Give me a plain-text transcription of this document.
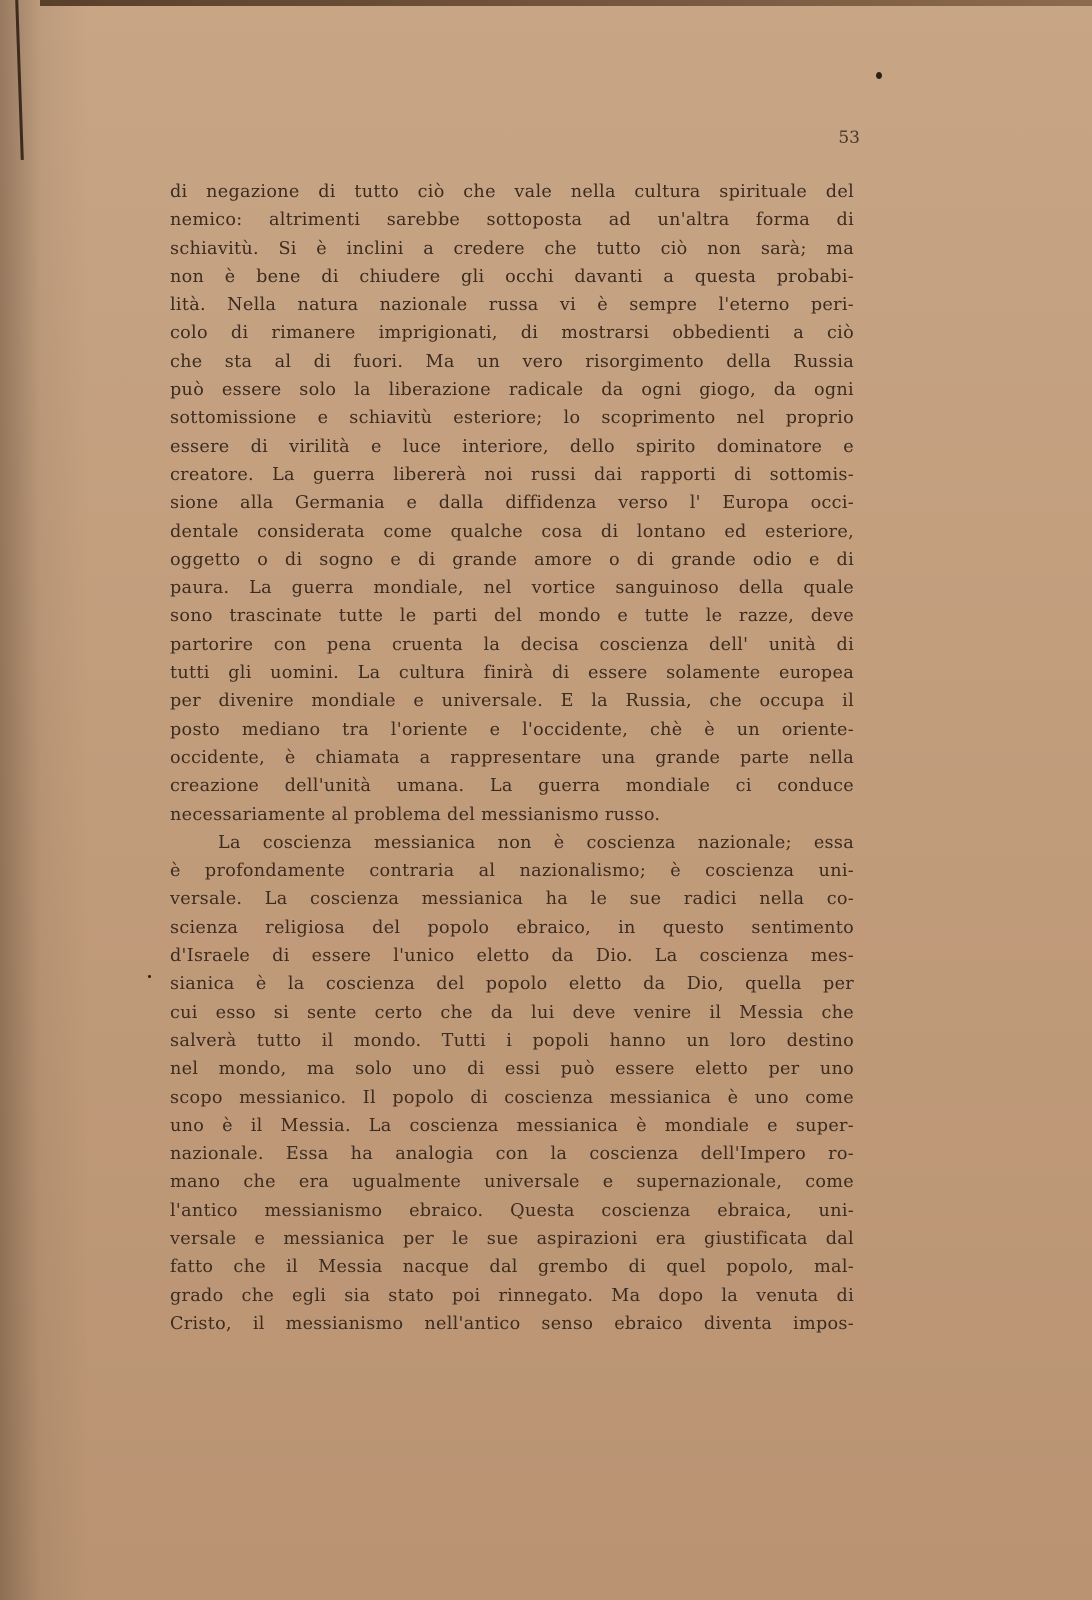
53
di negazione di tutto ciò che vale nella cultura spirituale del
nemico: altrimenti sarebbe sottoposta ad un'altra forma di
schiavitù. Si è inclini a credere che tutto ciò non sarà; ma
non è bene di chiudere gli occhi davanti a questa probabi-
lità. Nella natura nazionale russa vi è sempre l'eterno peri-
colo di rimanere imprigionati, di mostrarsi obbedienti a ciò
che sta al di fuori. Ma un vero risorgimento della Russia
può essere solo la liberazione radicale da ogni giogo, da ogni
sottomissione e schiavitù esteriore; lo scoprimento nel proprio
essere di virilità e luce interiore, dello spirito dominatore e
creatore. La guerra libererà noi russi dai rapporti di sottomis-
sione alla Germania e dalla diffidenza verso l' Europa occi-
dentale considerata come qualche cosa di lontano ed esteriore,
oggetto o di sogno e di grande amore o di grande odio e di
paura. La guerra mondiale, nel vortice sanguinoso della quale
sono trascinate tutte le parti del mondo e tutte le razze, deve
partorire con pena cruenta la decisa coscienza dell' unità di
tutti gli uomini. La cultura finirà di essere solamente europea
per divenire mondiale e universale. E la Russia, che occupa il
posto mediano tra l'oriente e l'occidente, chè è un oriente-
occidente, è chiamata a rappresentare una grande parte nella
creazione dell'unità umana. La guerra mondiale ci conduce
necessariamente al problema del messianismo russo.
La coscienza messianica non è coscienza nazionale; essa
è profondamente contraria al nazionalismo; è coscienza uni-
versale. La coscienza messianica ha le sue radici nella co-
scienza religiosa del popolo ebraico, in questo sentimento
d'Israele di essere l'unico eletto da Dio. La coscienza mes-
sianica è la coscienza del popolo eletto da Dio, quella per
cui esso si sente certo che da lui deve venire il Messia che
salverà tutto il mondo. Tutti i popoli hanno un loro destino
nel mondo, ma solo uno di essi può essere eletto per uno
scopo messianico. Il popolo di coscienza messianica è uno come
uno è il Messia. La coscienza messianica è mondiale e super-
nazionale. Essa ha analogia con la coscienza dell'Impero ro-
mano che era ugualmente universale e supernazionale, come
l'antico messianismo ebraico. Questa coscienza ebraica, uni-
versale e messianica per le sue aspirazioni era giustificata dal
fatto che il Messia nacque dal grembo di quel popolo, mal-
grado che egli sia stato poi rinnegato. Ma dopo la venuta di
Cristo, il messianismo nell'antico senso ebraico diventa impos-
